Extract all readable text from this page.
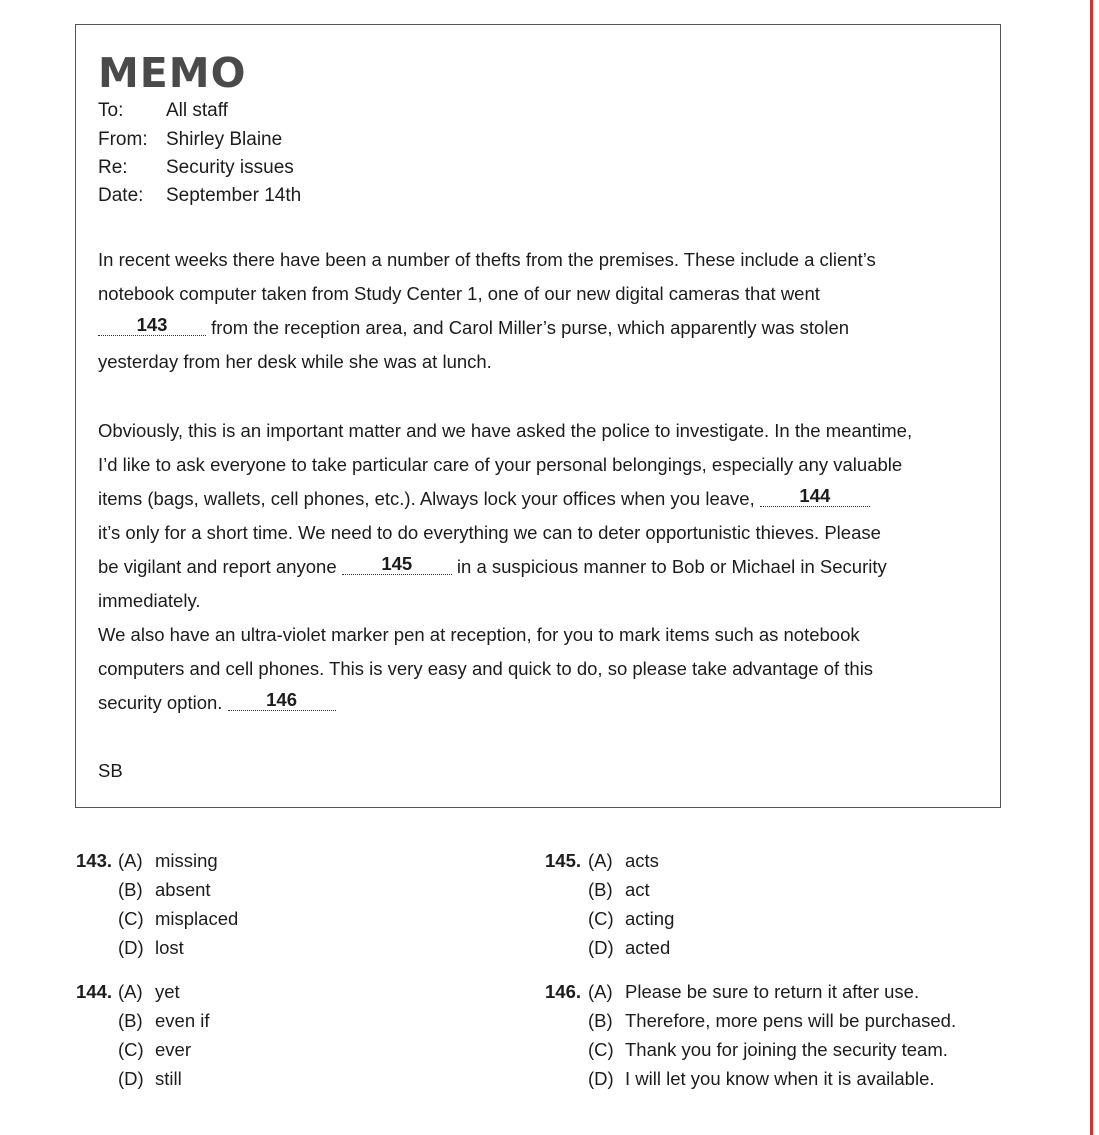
MEMO
To: All staff
From: Shirley Blaine
Re: Security issues
Date: September 14th
In recent weeks there have been a number of thefts from the premises. These include a client’s
notebook computer taken from Study Center 1, one of our new digital cameras that went
143 from the reception area, and Carol Miller’s purse, which apparently was stolen
yesterday from her desk while she was at lunch.
Obviously, this is an important matter and we have asked the police to investigate. In the meantime,
I’d like to ask everyone to take particular care of your personal belongings, especially any valuable
items (bags, wallets, cell phones, etc.). Always lock your offices when you leave, 144
it’s only for a short time. We need to do everything we can to deter opportunistic thieves. Please
be vigilant and report anyone 145 in a suspicious manner to Bob or Michael in Security
immediately.
We also have an ultra-violet marker pen at reception, for you to mark items such as notebook
computers and cell phones. This is very easy and quick to do, so please take advantage of this
security option. 146
SB
143. (A) missing
(B) absent
(C) misplaced
(D) lost
144. (A) yet
(B) even if
(C) ever
(D) still
145. (A) acts
(B) act
(C) acting
(D) acted
146. (A) Please be sure to return it after use.
(B) Therefore, more pens will be purchased.
(C) Thank you for joining the security team.
(D) I will let you know when it is available.
